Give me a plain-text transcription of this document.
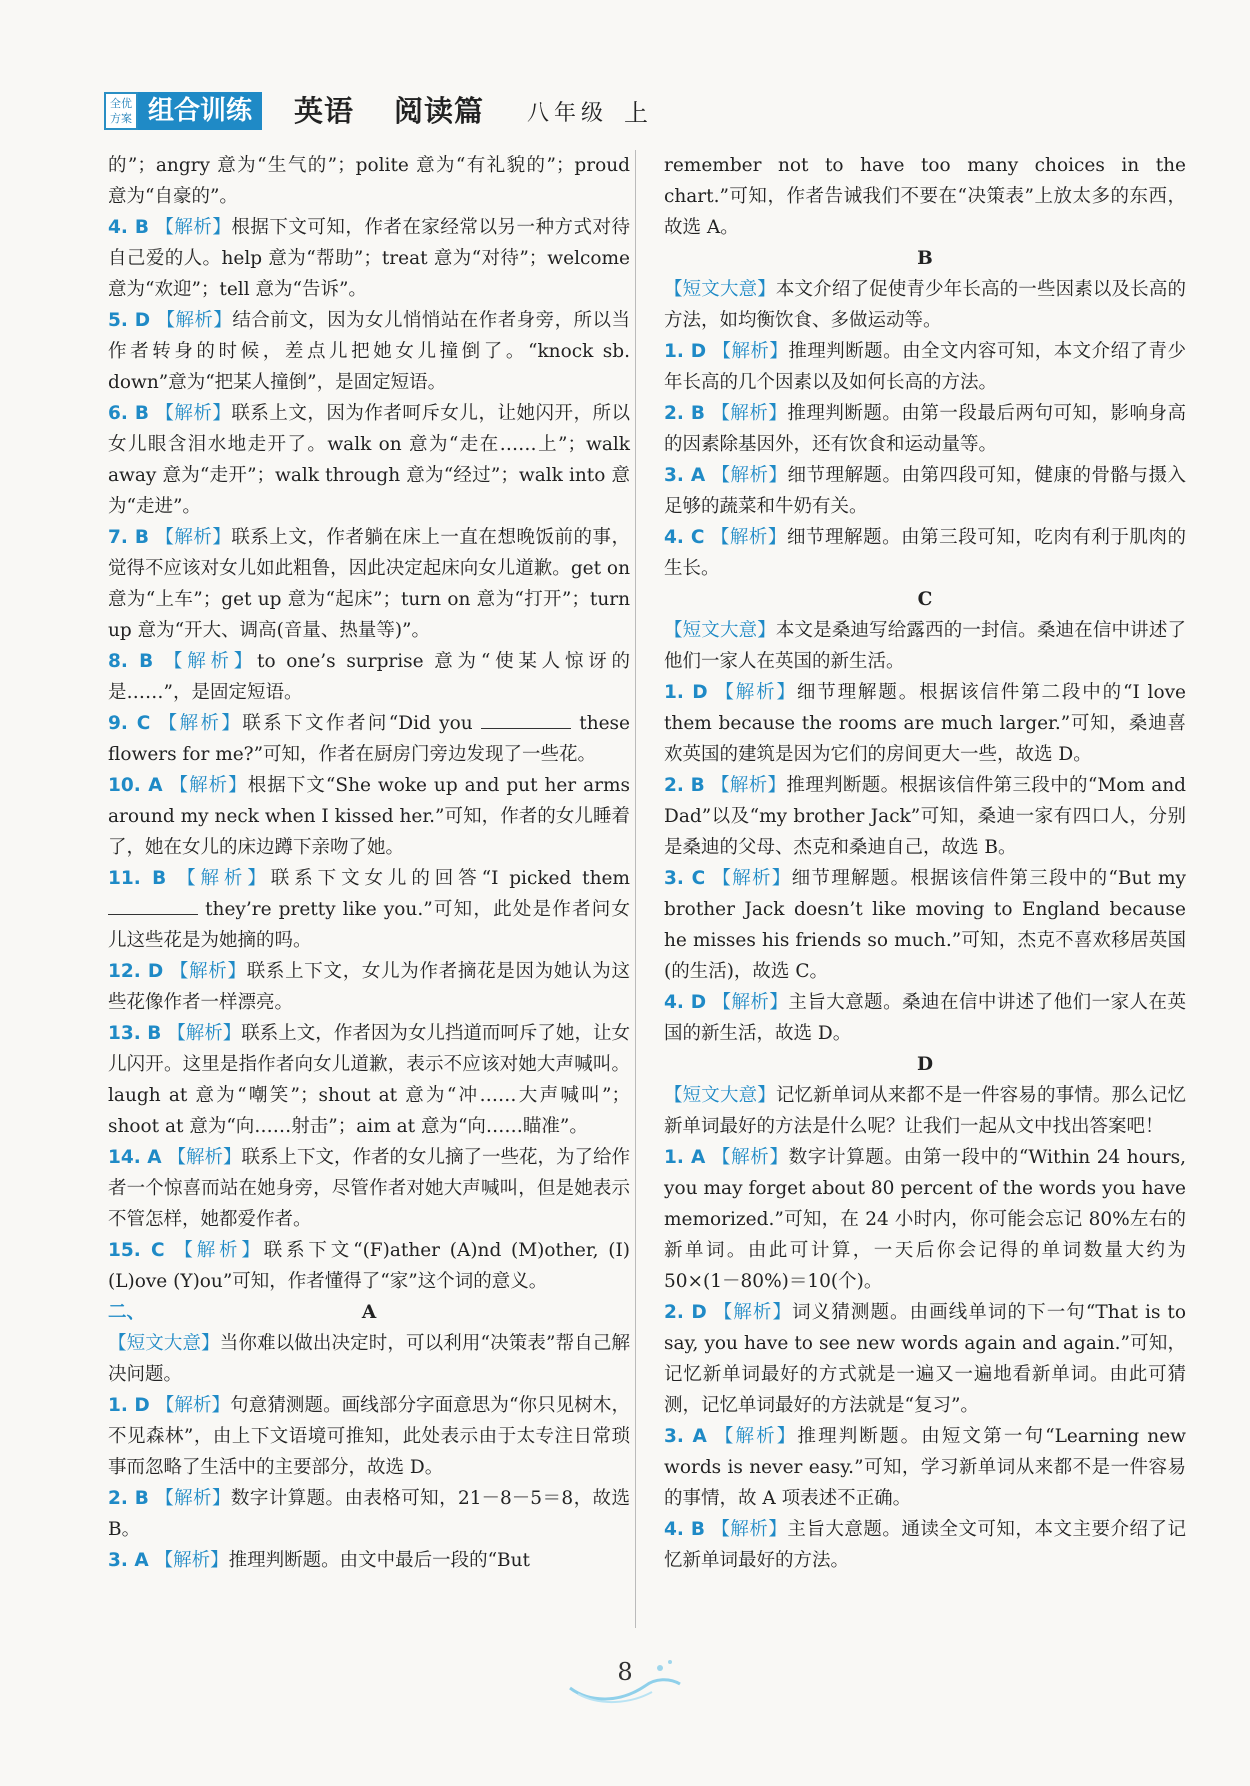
全优方案 组合训练	英语 阅读篇 八年级 上

的”；angry 意为“生气的”；polite 意为“有礼貌的”；proud 意为“自豪的”。

4. B 【解析】根据下文可知，作者在家经常以另一种方式对待自己爱的人。help 意为“帮助”；treat 意为“对待”；welcome 意为“欢迎”；tell 意为“告诉”。

5. D 【解析】结合前文，因为女儿悄悄站在作者身旁，所以当作者转身的时候，差点儿把她女儿撞倒了。“knock sb. down”意为“把某人撞倒”，是固定短语。

6. B 【解析】联系上文，因为作者呵斥女儿，让她闪开，所以女儿眼含泪水地走开了。walk on 意为“走在……上”；walk away 意为“走开”；walk through 意为“经过”；walk into 意为“走进”。

7. B 【解析】联系上文，作者躺在床上一直在想晚饭前的事，觉得不应该对女儿如此粗鲁，因此决定起床向女儿道歉。get on 意为“上车”；get up 意为“起床”；turn on 意为“打开”；turn up 意为“开大、调高(音量、热量等)”。

8. B 【解析】to one’s surprise 意为“使某人惊讶的是……”，是固定短语。

9. C 【解析】联系下文作者问“Did you	these flowers for me?”可知，作者在厨房门旁边发现了一些花。

10. A 【解析】根据下文“She woke up and put her arms around my neck when I kissed her.”可知，作者的女儿睡着了，她在女儿的床边蹲下亲吻了她。

11. B 【解析】联系下文女儿的回答“I picked them  they’re pretty like you.”可知，此处是作者问女儿这些花是为她摘的吗。

12. D 【解析】联系上下文，女儿为作者摘花是因为她认为这些花像作者一样漂亮。

13. B 【解析】联系上文，作者因为女儿挡道而呵斥了她，让女儿闪开。这里是指作者向女儿道歉，表示不应该对她大声喊叫。laugh at 意为“嘲笑”；shout at 意为“冲……大声喊叫”；shoot at 意为“向……射击”；aim at 意为“向……瞄准”。

14. A 【解析】联系上下文，作者的女儿摘了一些花，为了给作者一个惊喜而站在她身旁，尽管作者对她大声喊叫，但是她表示不管怎样，她都爱作者。

15. C 【解析】联系下文“(F)ather (A)nd (M)other, (I) (L)ove (Y)ou”可知，作者懂得了“家”这个词的意义。

二、	A

【短文大意】当你难以做出决定时，可以利用“决策表”帮自己解决问题。

1. D 【解析】句意猜测题。画线部分字面意思为“你只见树木，不见森林”，由上下文语境可推知，此处表示由于太专注日常琐事而忽略了生活中的主要部分，故选 D。

2. B 【解析】数字计算题。由表格可知，21－8－5＝8，故选 B。

3. A 【解析】推理判断题。由文中最后一段的“But

remember not to have too many choices in the chart.”可知，作者告诫我们不要在“决策表”上放太多的东西，故选 A。

B

【短文大意】本文介绍了促使青少年长高的一些因素以及长高的方法，如均衡饮食、多做运动等。

1. D 【解析】推理判断题。由全文内容可知，本文介绍了青少年长高的几个因素以及如何长高的方法。

2. B 【解析】推理判断题。由第一段最后两句可知，影响身高的因素除基因外，还有饮食和运动量等。

3. A 【解析】细节理解题。由第四段可知，健康的骨骼与摄入足够的蔬菜和牛奶有关。

4. C 【解析】细节理解题。由第三段可知，吃肉有利于肌肉的生长。

C

【短文大意】本文是桑迪写给露西的一封信。桑迪在信中讲述了他们一家人在英国的新生活。

1. D 【解析】细节理解题。根据该信件第二段中的“I love them because the rooms are much larger.”可知，桑迪喜欢英国的建筑是因为它们的房间更大一些，故选 D。

2. B 【解析】推理判断题。根据该信件第三段中的“Mom and Dad”以及“my brother Jack”可知，桑迪一家有四口人，分别是桑迪的父母、杰克和桑迪自己，故选 B。

3. C 【解析】细节理解题。根据该信件第三段中的“But my brother Jack doesn’t like moving to England because he misses his friends so much.”可知，杰克不喜欢移居英国(的生活)，故选 C。

4. D 【解析】主旨大意题。桑迪在信中讲述了他们一家人在英国的新生活，故选 D。

D

【短文大意】记忆新单词从来都不是一件容易的事情。那么记忆新单词最好的方法是什么呢？让我们一起从文中找出答案吧！

1. A 【解析】数字计算题。由第一段中的“Within 24 hours, you may forget about 80 percent of the words you have memorized.”可知，在 24 小时内，你可能会忘记 80%左右的新单词。由此可计算，一天后你会记得的单词数量大约为 50×(1－80%)＝10(个)。

2. D 【解析】词义猜测题。由画线单词的下一句“That is to say, you have to see new words again and again.”可知，记忆新单词最好的方式就是一遍又一遍地看新单词。由此可猜测，记忆单词最好的方法就是“复习”。

3. A 【解析】推理判断题。由短文第一句“Learning new words is never easy.”可知，学习新单词从来都不是一件容易的事情，故 A 项表述不正确。

4. B 【解析】主旨大意题。通读全文可知，本文主要介绍了记忆新单词最好的方法。

8
